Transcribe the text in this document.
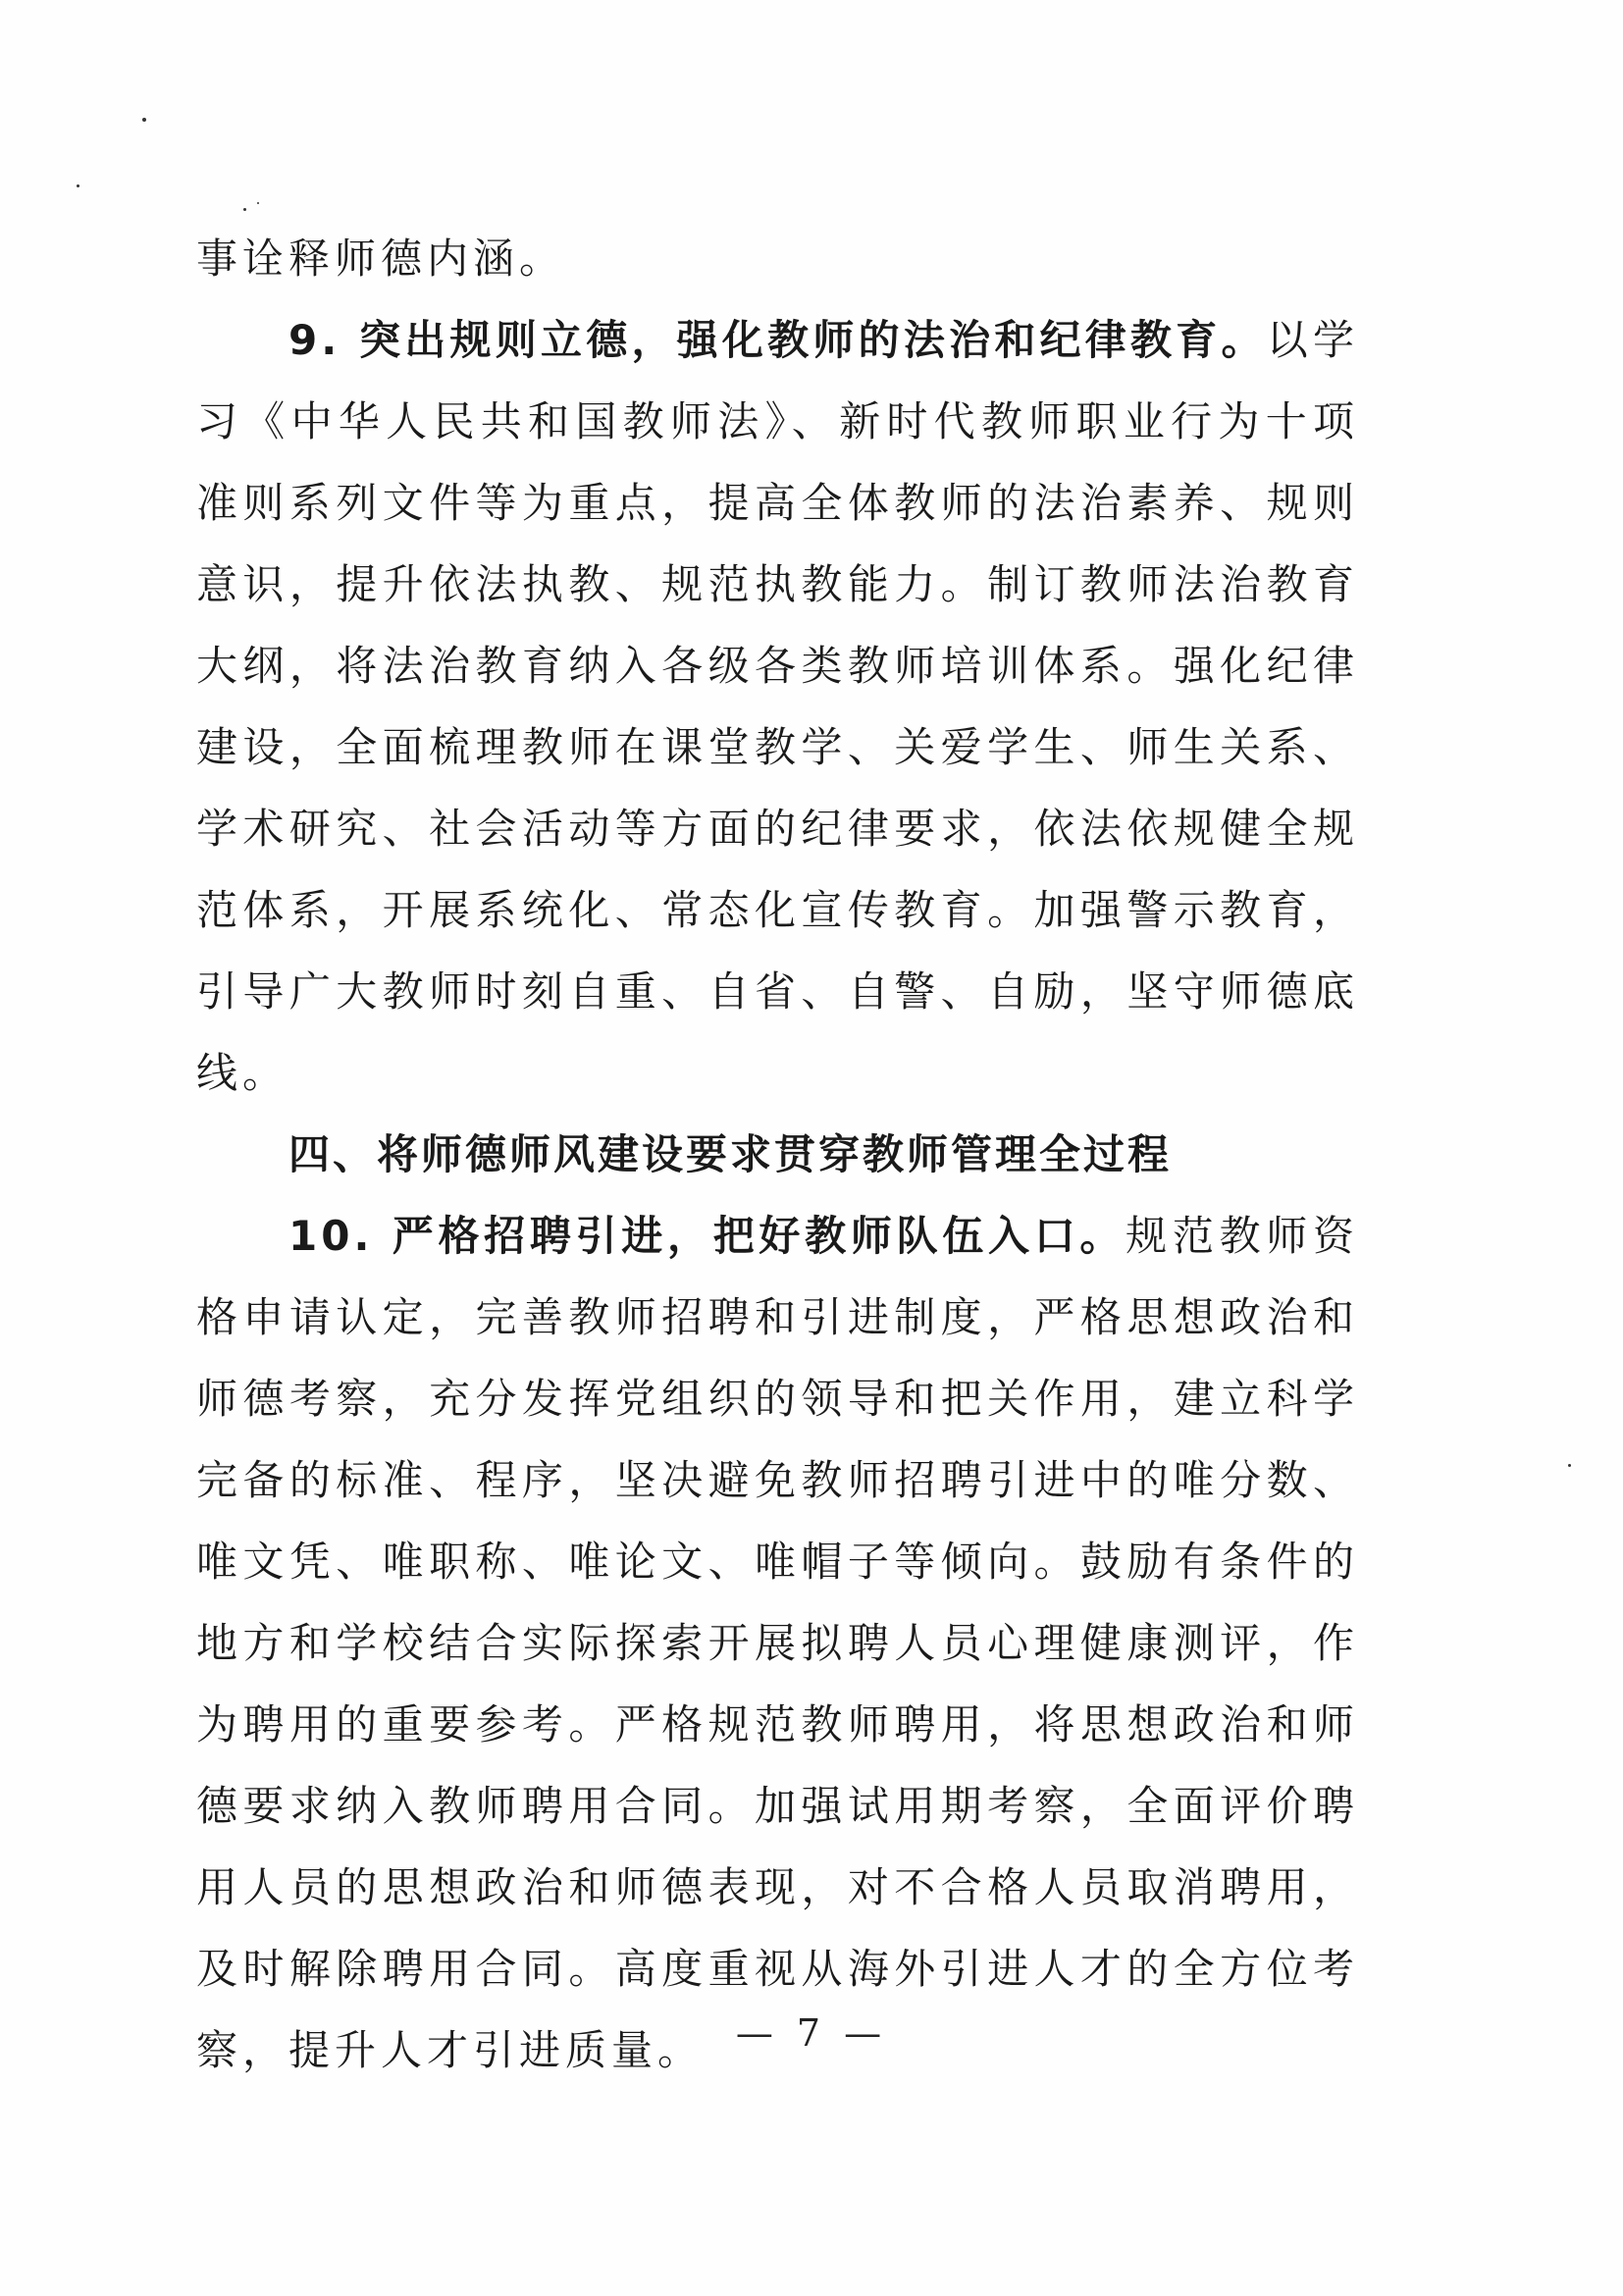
事诠释师德内涵。

9. 突出规则立德，强化教师的法治和纪律教育。以学习《中华人民共和国教师法》、新时代教师职业行为十项准则系列文件等为重点，提高全体教师的法治素养、规则意识，提升依法执教、规范执教能力。制订教师法治教育大纲，将法治教育纳入各级各类教师培训体系。强化纪律建设，全面梳理教师在课堂教学、关爱学生、师生关系、学术研究、社会活动等方面的纪律要求，依法依规健全规范体系，开展系统化、常态化宣传教育。加强警示教育，引导广大教师时刻自重、自省、自警、自励，坚守师德底线。

四、将师德师风建设要求贯穿教师管理全过程

10. 严格招聘引进，把好教师队伍入口。规范教师资格申请认定，完善教师招聘和引进制度，严格思想政治和师德考察，充分发挥党组织的领导和把关作用，建立科学完备的标准、程序，坚决避免教师招聘引进中的唯分数、唯文凭、唯职称、唯论文、唯帽子等倾向。鼓励有条件的地方和学校结合实际探索开展拟聘人员心理健康测评，作为聘用的重要参考。严格规范教师聘用，将思想政治和师德要求纳入教师聘用合同。加强试用期考察，全面评价聘用人员的思想政治和师德表现，对不合格人员取消聘用，及时解除聘用合同。高度重视从海外引进人才的全方位考察，提升人才引进质量。 — 7 —
